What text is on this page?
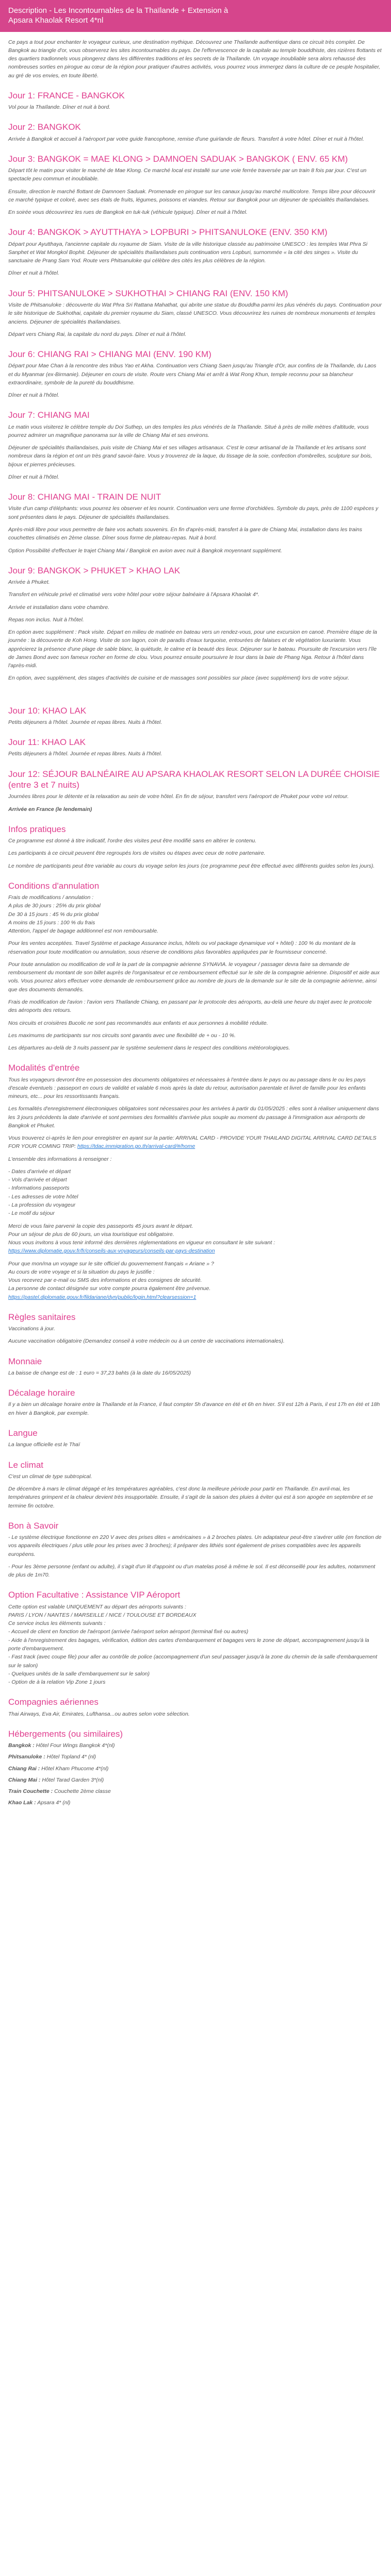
Description - Les Incontournables de la Thaïlande + Extension à
Apsara Khaolak Resort 4*nl

Ce pays a tout pour enchanter le voyageur curieux, une destination mythique. Découvrez une Thaïlande authentique dans ce circuit très complet. De Bangkok au triangle d'or, vous observerez les sites incontournables du pays. De l'effervescence de la capitale au temple bouddhiste, des rizières flottants et des quartiers tradionnels vous plongerez dans les différentes traditions et les secrets de la Thaïlande. Un voyage inoubliable sera alors rehaussé des nombreuses sorties en pirogue au cœur de la région pour pratiquer d'autres activités, vous pourrez vous immergez dans la culture de ce peuple hospitalier, au gré de vos envies, en toute liberté.

Jour 1: FRANCE - BANGKOK

Vol pour la Thaïlande. Dîner et nuit à bord.

Jour 2: BANGKOK

Arrivée à Bangkok et accueil à l'aéroport par votre guide francophone, remise d'une guirlande de fleurs. Transfert à votre hôtel. Dîner et nuit à l'hôtel.

Jour 3: BANGKOK = MAE KLONG > DAMNOEN SADUAK > BANGKOK ( ENV. 65 KM)

Départ tôt le matin pour visiter le marché de Mae Klong. Ce marché local est installé sur une voie ferrée traversée par un train 8 fois par jour. C'est un spectacle peu commun et inoubliable.

Ensuite, direction le marché flottant de Damnoen Saduak. Promenade en pirogue sur les canaux jusqu'au marché multicolore. Temps libre pour découvrir ce marché typique et coloré, avec ses étals de fruits, légumes, poissons et viandes. Retour sur Bangkok pour un déjeuner de spécialités thaïlandaises.

En soirée vous découvrirez les rues de Bangkok en tuk-tuk (véhicule typique). Dîner et nuit à l'hôtel.

Jour 4: BANGKOK > AYUTTHAYA > LOPBURI > PHITSANULOKE (ENV. 350 KM)

Départ pour Ayutthaya, l'ancienne capitale du royaume de Siam. Visite de la ville historique classée au patrimoine UNESCO : les temples Wat Phra Si Sanphet et Wat Mongkol Bophit. Déjeuner de spécialités thaïlandaises puis continuation vers Lopburi, surnommée « la cité des singes ». Visite du sanctuaire de Prang Sam Yod. Route vers Phitsanuloke qui célèbre des cités les plus célèbres de la région.

Dîner et nuit à l'hôtel.

Jour 5: PHITSANULOKE > SUKHOTHAI > CHIANG RAI (ENV. 150 KM)

Visite de Phitsanuloke : découverte du Wat Phra Sri Rattana Mahathat, qui abrite une statue du Bouddha parmi les plus vénérés du pays. Continuation pour le site historique de Sukhothai, capitale du premier royaume du Siam, classé UNESCO. Vous découvrirez les ruines de nombreux monuments et temples anciens. Déjeuner de spécialités thaïlandaises.

Départ vers Chiang Rai, la capitale du nord du pays. Dîner et nuit à l'hôtel.

Jour 6: CHIANG RAI > CHIANG MAI (ENV. 190 KM)

Départ pour Mae Chan à la rencontre des tribus Yao et Akha. Continuation vers Chiang Saen jusqu'au Triangle d'Or, aux confins de la Thaïlande, du Laos et du Myanmar (ex-Birmanie). Déjeuner en cours de visite. Route vers Chiang Mai et arrêt à Wat Rong Khun, temple reconnu pour sa blancheur extraordinaire, symbole de la pureté du bouddhisme.

Dîner et nuit à l'hôtel.

Jour 7: CHIANG MAI

Le matin vous visiterez le célèbre temple du Doi Suthep, un des temples les plus vénérés de la Thaïlande. Situé à près de mille mètres d'altitude, vous pourrez admirer un magnifique panorama sur la ville de Chiang Mai et ses environs.

Déjeuner de spécialités thaïlandaises, puis visite de Chiang Mai et ses villages artisanaux. C'est le cœur artisanal de la Thaïlande et les artisans sont nombreux dans la région et ont un très grand savoir-faire. Vous y trouverez de la laque, du tissage de la soie, confection d'ombrelles, sculpture sur bois, bijoux et pierres précieuses.

Dîner et nuit à l'hôtel.

Jour 8: CHIANG MAI - TRAIN DE NUIT

Visite d'un camp d'éléphants: vous pourrez les observer et les nourrir. Continuation vers une ferme d'orchidées. Symbole du pays, près de 1100 espèces y sont présentes dans le pays. Déjeuner de spécialités thaïlandaises.

Après-midi libre pour vous permettre de faire vos achats souvenirs. En fin d'après-midi, transfert à la gare de Chiang Mai, installation dans les trains couchettes climatisés en 2ème classe. Dîner sous forme de plateau-repas. Nuit à bord.

Option Possibilité d'effectuer le trajet Chiang Mai / Bangkok en avion avec nuit à Bangkok moyennant supplément.

Jour 9: BANGKOK > PHUKET > KHAO LAK

Arrivée à Phuket.

Transfert en véhicule privé et climatisé vers votre hôtel pour votre séjour balnéaire à l'Apsara Khaolak 4*.

Arrivée et installation dans votre chambre.

Repas non inclus. Nuit à l'hôtel.

En option avec supplément : Pack visite. Départ en milieu de matinée en bateau vers un rendez-vous, pour une excursion en canoë. Première étape de la journée : la découverte de Koh Hong. Visite de son lagon, coin de paradis d'eaux turquoise, entourées de falaises et de végétation luxuriante. Vous apprécierez la présence d'une plage de sable blanc, la quiétude, le calme et la beauté des lieux. Déjeuner sur le bateau. Poursuite de l'excursion vers l'île de James Bond avec son fameux rocher en forme de clou. Vous pourrez ensuite poursuivre le tour dans la baie de Phang Nga. Retour à l'hôtel dans l'après-midi.

En option, avec supplément, des stages d'activités de cuisine et de massages sont possibles sur place (avec supplément) lors de votre séjour.

Jour 10: KHAO LAK

Petits déjeuners à l'hôtel. Journée et repas libres. Nuits à l'hôtel.

Jour 11: KHAO LAK

Petits déjeuners à l'hôtel. Journée et repas libres. Nuits à l'hôtel.

Jour 12: SÉJOUR BALNÉAIRE AU APSARA KHAOLAK RESORT SELON LA DURÉE CHOISIE (entre 3 et 7 nuits)

Journées libres pour le détente et la relaxation au sein de votre hôtel. En fin de séjour, transfert vers l'aéroport de Phuket pour votre vol retour.

Arrivée en France (le lendemain)

Infos pratiques

Ce programme est donné à titre indicatif, l'ordre des visites peut être modifié sans en altérer le contenu.

Les participants à ce circuit peuvent être regroupés lors de visites ou étapes avec ceux de notre partenaire.

Le nombre de participants peut être variable au cours du voyage selon les jours (ce programme peut être effectué avec différents guides selon les jours).

Conditions d'annulation
Frais de modifications / annulation :
A plus de 30 jours : 25% du prix global
De 30 à 15 jours : 45 % du prix global
A moins de 15 jours : 100 % du frais
Attention, l'appel de bagage additionnel est non remboursable.

Pour les ventes acceptées. Travel Système et package Assurance inclus, hôtels ou vol package dynamique vol + hôtel) : 100 % du montant de la réservation pour toute modification ou annulation, sous réserve de conditions plus favorables appliquées par le fournisseur concerné.

Pour toute annulation ou modification de voll le la part de la compagnie aérienne SYNAVIA. le voyageur / passager devra faire sa demande de remboursement du montant de son billet auprès de l'organisateur et ce remboursement effectué sur le site de la compagnie aérienne. Dispositif et aide aux vols. Vous pourrez alors effectuer votre demande de remboursement grâce au nombre de jours de la demande sur le site de la compagnie aérienne, ainsi que des documents demandés.

Frais de modification de l'avion : l'avion vers Thaïlande Chiang, en passant par le protocole des aéroports, au-delà une heure du trajet avec le protocole des aéroports des retours.

Nos circuits et croisières Bucolic ne sont pas recommandés aux enfants et aux personnes à mobilité réduite.

Les maximums de participants sur nos circuits sont garantis avec une flexibilité de + ou - 10 %.

Les départures au-delà de 3 nuits passent par le système seulement dans le respect des conditions météorologiques.

Modalités d'entrée

Tous les voyageurs devront être en possession des documents obligatoires et nécessaires à l'entrée dans le pays ou au passage dans le ou les pays d'escale éventuels : passeport en cours de validité et valable 6 mois après la date du retour, autorisation parentale et livret de famille pour les enfants mineurs, etc... pour les ressortissants français.

Les formalités d'enregistrement électroniques obligatoires sont nécessaires pour les arrivées à partir du 01/05/2025 : elles sont à réaliser uniquement dans les 3 jours précédents la date d'arrivée et sont permises des formalités d'arrivée plus souple au moment du passage à l'immigration aux aéroports de Bangkok et Phuket.

Vous trouverez ci-après le lien pour enregistrer en ayant sur la partie: ARRIVAL CARD - PROVIDE YOUR THAILAND DIGITAL ARRIVAL CARD DETAILS FOR YOUR COMING TRIP: https://tdac.immigration.go.th/arrival-card/#/home

L'ensemble des informations à renseigner :

- Dates d'arrivée et départ
- Vols d'arrivée et départ
- Informations passeports
- Les adresses de votre hôtel
- La profession du voyageur
- Le motif du séjour
Merci de vous faire parvenir la copie des passeports 45 jours avant le départ.
Pour un séjour de plus de 60 jours, un visa touristique est obligatoire.
Nous vous invitons à vous tenir informé des dernières réglementations en vigueur en consultant le site suivant :
https://www.diplomatie.gouv.fr/fr/conseils-aux-voyageurs/conseils-par-pays-destination
Pour que mon/ma un voyage sur le site officiel du gouvernement français « Ariane » ?
Au cours de votre voyage et si la situation du pays le justifie :
Vous recevrez par e-mail ou SMS des informations et des consignes de sécurité.
La personne de contact désignée sur votre compte pourra également être prévenue.
https://pastel.diplomatie.gouv.fr/fildariane/dyn/public/login.html?clearsession=1
Règles sanitaires

Vaccinations à jour.

Aucune vaccination obligatoire (Demandez conseil à votre médecin ou à un centre de vaccinations internationales).

Monnaie

La baisse de change est de : 1 euro = 37,23 bahts (à la date du 16/05/2025)

Décalage horaire

Il y a bien un décalage horaire entre la Thaïlande et la France, il faut compter 5h d'avance en été et 6h en hiver. S'il est 12h à Paris, il est 17h en été et 18h en hiver à Bangkok, par exemple.

Langue

La langue officielle est le Thaï

Le climat

C'est un climat de type subtropical.

De décembre à mars le climat dégagé et les températures agréables, c'est donc la meilleure période pour partir en Thaïlande. En avril-mai, les températures grimpent et la chaleur devient très insupportable. Ensuite, il s'agit de la saison des pluies à éviter qui est à son apogée en septembre et se termine fin octobre.

Bon à Savoir

- Le système électrique fonctionne en 220 V avec des prises dites « américaines » à 2 broches plates. Un adaptateur peut-être s'avérer utile (en fonction de vos appareils électriques / plus utile pour les prises avec 3 broches); il préparer des lithiés sont également de prises compatibles avec les appareils européens.

- Pour les 3ème personne (enfant ou adulte), il s'agit d'un lit d'appoint ou d'un matelas posé à même le sol. Il est déconseillé pour les adultes, notamment de plus de 1m70.

Option Facultative : Assistance VIP Aéroport
Cette option est valable UNIQUEMENT au départ des aéroports suivants :
PARIS / LYON / NANTES / MARSEILLE / NICE / TOULOUSE ET BORDEAUX
Ce service inclus les éléments suivants :
- Accueil de client en fonction de l'aéroport (arrivée l'aéroport selon aéroport (terminal fixé ou autres)
- Aide à l'enregistrement des bagages, vérification, édition des cartes d'embarquement et bagages vers le zone de départ, accompagnement jusqu'à la porte d'embarquement.
- Fast track (avec coupe file) pour aller au contrôle de police (accompagnement d'un seul passager jusqu'à la zone du chemin de la salle d'embarquement sur le salon)
- Quelques unités de la salle d'embarquement sur le salon)
- Option de à la relation Vip Zone 1 jours
Compagnies aériennes

Thai Airways, Eva Air, Emirates, Lufthansa...ou autres selon votre sélection.

Hébergements (ou similaires)

Bangkok : Hôtel Four Wings Bangkok 4*(nl)

Phitsanuloke : Hôtel Topland 4* (nl)

Chiang Rai : Hôtel Kham Phucome 4*(nl)

Chiang Mai : Hôtel Tarad Garden 3*(nl)

Train Couchette : Couchette 2ème classe

Khao Lak : Apsara 4* (nl)
